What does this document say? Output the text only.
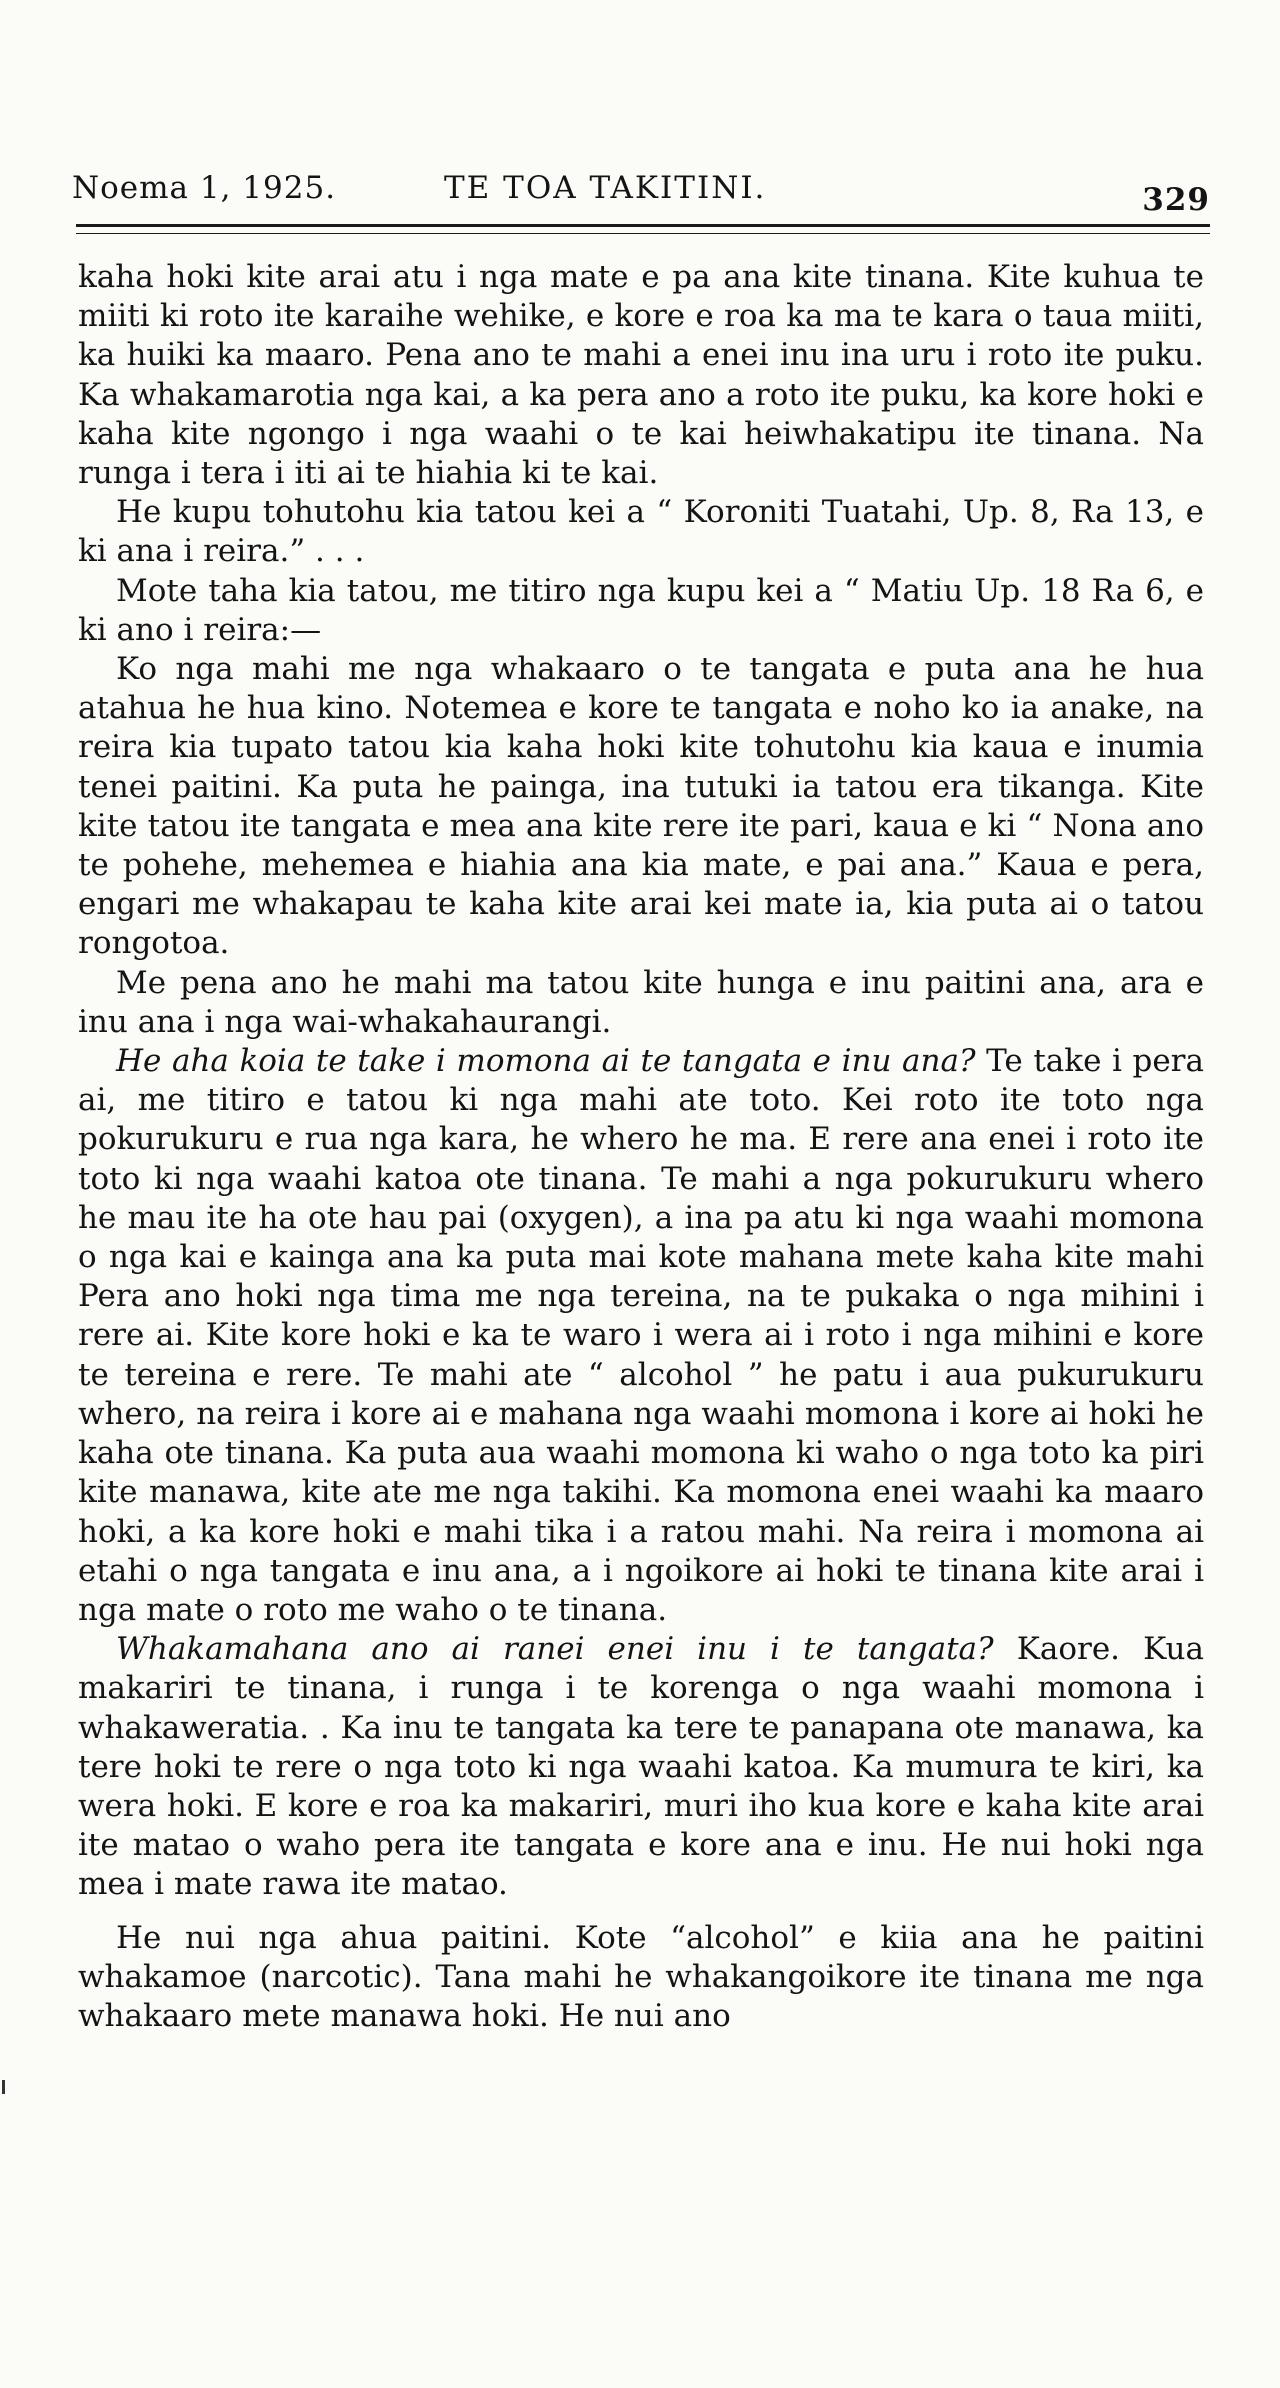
Noema 1, 1925.	TE TOA TAKITINI.	329

kaha hoki kite arai atu i nga mate e pa ana kite tinana. Kite kuhua te miiti ki roto ite karaihe wehike, e kore e roa ka ma te kara o taua miiti, ka huiki ka maaro. Pena ano te mahi a enei inu ina uru i roto ite puku. Ka whakamarotia nga kai, a ka pera ano a roto ite puku, ka kore hoki e kaha kite ngongo i nga waahi o te kai heiwhakatipu ite tinana. Na runga i tera i iti ai te hiahia ki te kai.

He kupu tohutohu kia tatou kei a “ Koroniti Tuatahi, Up. 8, Ra 13, e ki ana i reira.” . . .

Mote taha kia tatou, me titiro nga kupu kei a “ Matiu Up. 18 Ra 6, e ki ano i reira:—

Ko nga mahi me nga whakaaro o te tangata e puta ana he hua atahua he hua kino. Notemea e kore te tangata e noho ko ia anake, na reira kia tupato tatou kia kaha hoki kite tohutohu kia kaua e inumia tenei paitini. Ka puta he painga, ina tutuki ia tatou era tikanga. Kite kite tatou ite tangata e mea ana kite rere ite pari, kaua e ki “ Nona ano te pohehe, mehemea e hiahia ana kia mate, e pai ana.” Kaua e pera, engari me whakapau te kaha kite arai kei mate ia, kia puta ai o tatou rongotoa.

Me pena ano he mahi ma tatou kite hunga e inu paitini ana, ara e inu ana i nga wai-whakahaurangi.

He aha koia te take i momona ai te tangata e inu ana? Te take i pera ai, me titiro e tatou ki nga mahi ate toto. Kei roto ite toto nga pokurukuru e rua nga kara, he whero he ma. E rere ana enei i roto ite toto ki nga waahi katoa ote tinana. Te mahi a nga pokurukuru whero he mau ite ha ote hau pai (oxygen), a ina pa atu ki nga waahi momona o nga kai e kainga ana ka puta mai kote mahana mete kaha kite mahi Pera ano hoki nga tima me nga tereina, na te pukaka o nga mihini i rere ai. Kite kore hoki e ka te waro i wera ai i roto i nga mihini e kore te tereina e rere. Te mahi ate “ alcohol ” he patu i aua pukurukuru whero, na reira i kore ai e mahana nga waahi momona i kore ai hoki he kaha ote tinana. Ka puta aua waahi momona ki waho o nga toto ka piri kite manawa, kite ate me nga takihi. Ka momona enei waahi ka maaro hoki, a ka kore hoki e mahi tika i a ratou mahi. Na reira i momona ai etahi o nga tangata e inu ana, a i ngoikore ai hoki te tinana kite arai i nga mate o roto me waho o te tinana.

Whakamahana ano ai ranei enei inu i te tangata? Kaore. Kua makariri te tinana, i runga i te korenga o nga waahi momona i whakaweratia. . Ka inu te tangata ka tere te panapana ote manawa, ka tere hoki te rere o nga toto ki nga waahi katoa. Ka mumura te kiri, ka wera hoki. E kore e roa ka makariri, muri iho kua kore e kaha kite arai ite matao o waho pera ite tangata e kore ana e inu. He nui hoki nga mea i mate rawa ite matao.

He nui nga ahua paitini. Kote “alcohol” e kiia ana he paitini whakamoe (narcotic). Tana mahi he whakangoikore ite tinana me nga whakaaro mete manawa hoki. He nui ano
